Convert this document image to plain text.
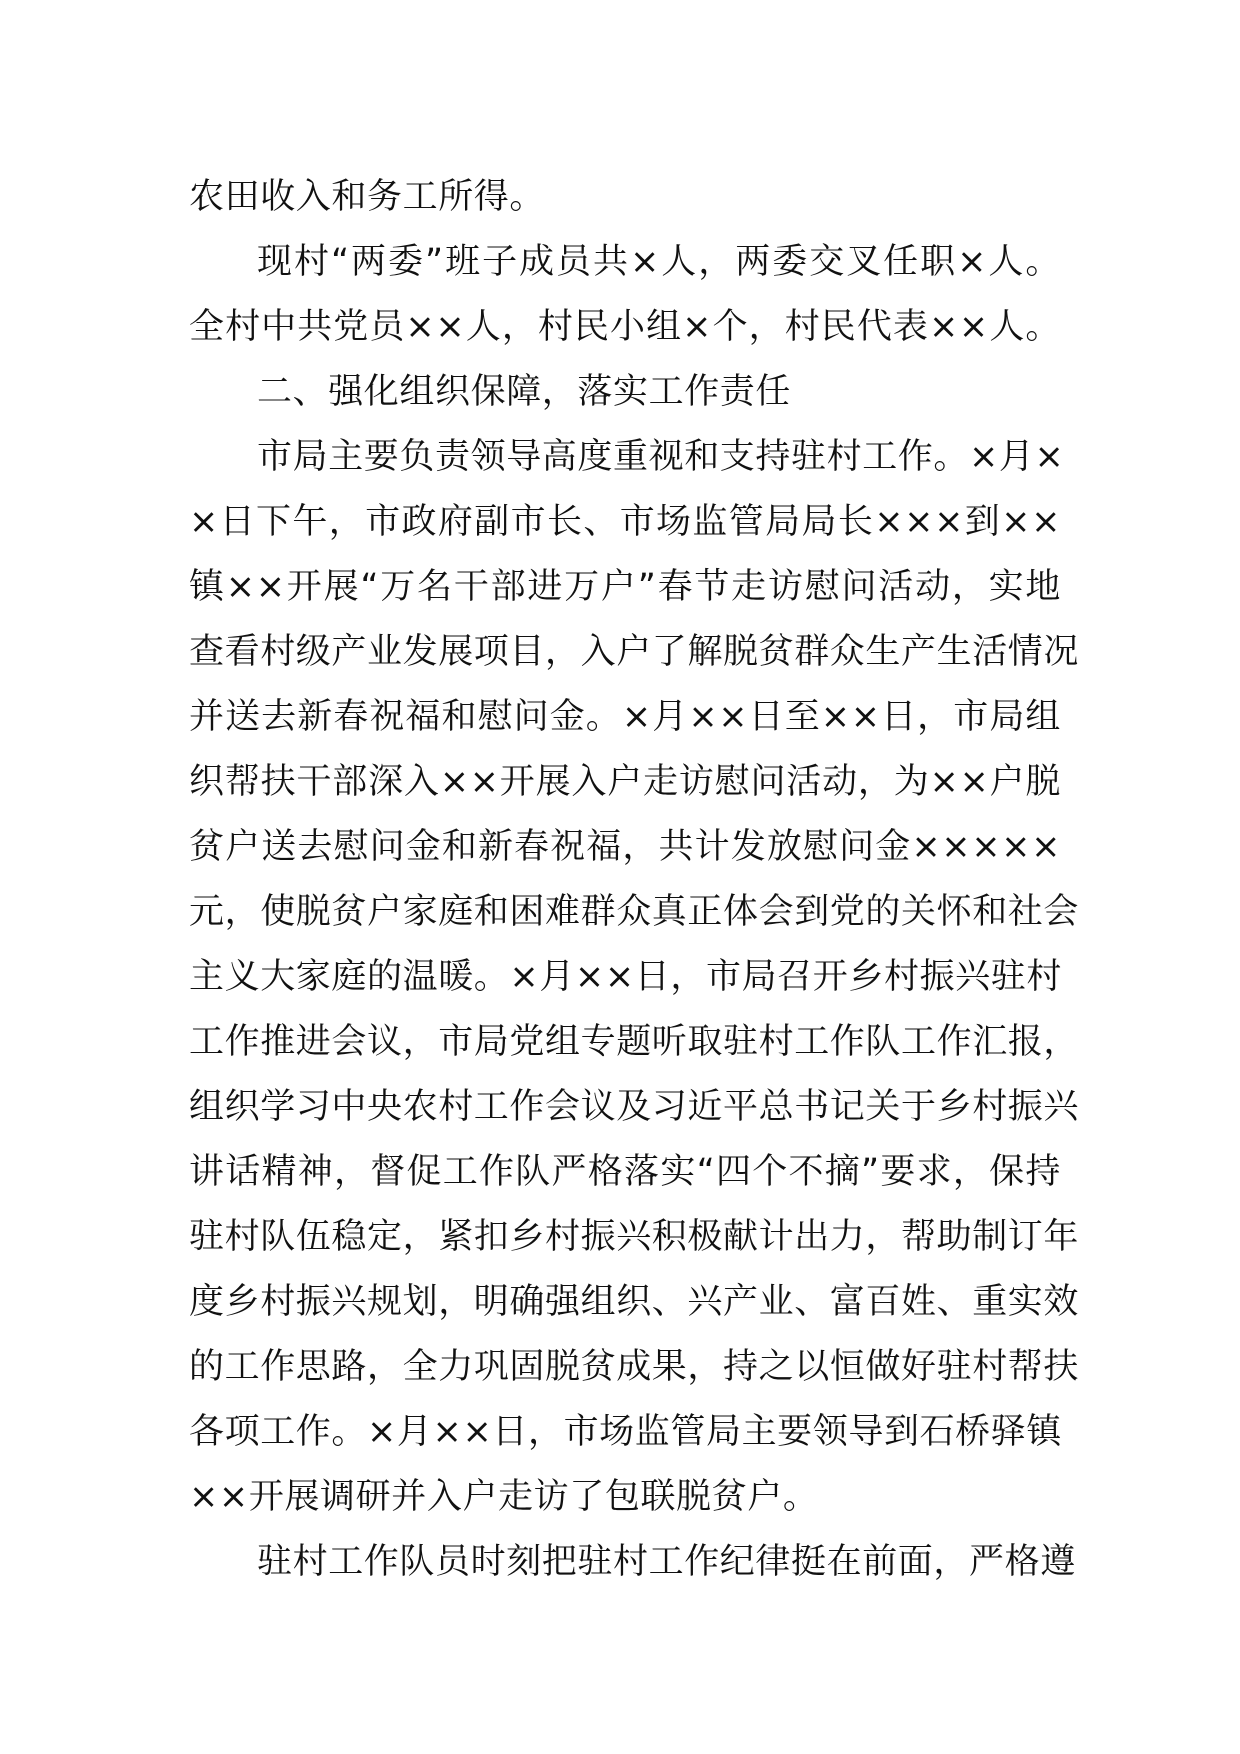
农田收入和务工所得。
现村“两委”班子成员共×人，两委交叉任职×人。
全村中共党员××人，村民小组×个，村民代表××人。
二、强化组织保障，落实工作责任
市局主要负责领导高度重视和支持驻村工作。×月×
×日下午，市政府副市长、市场监管局局长×××到××
镇××开展“万名干部进万户”春节走访慰问活动，实地
查看村级产业发展项目，入户了解脱贫群众生产生活情况
并送去新春祝福和慰问金。×月××日至××日，市局组
织帮扶干部深入××开展入户走访慰问活动，为××户脱
贫户送去慰问金和新春祝福，共计发放慰问金×××××
元，使脱贫户家庭和困难群众真正体会到党的关怀和社会
主义大家庭的温暖。×月××日，市局召开乡村振兴驻村
工作推进会议，市局党组专题听取驻村工作队工作汇报，
组织学习中央农村工作会议及习近平总书记关于乡村振兴
讲话精神，督促工作队严格落实“四个不摘”要求，保持
驻村队伍稳定，紧扣乡村振兴积极献计出力，帮助制订年
度乡村振兴规划，明确强组织、兴产业、富百姓、重实效
的工作思路，全力巩固脱贫成果，持之以恒做好驻村帮扶
各项工作。×月××日，市场监管局主要领导到石桥驿镇
××开展调研并入户走访了包联脱贫户。
驻村工作队员时刻把驻村工作纪律挺在前面，严格遵
